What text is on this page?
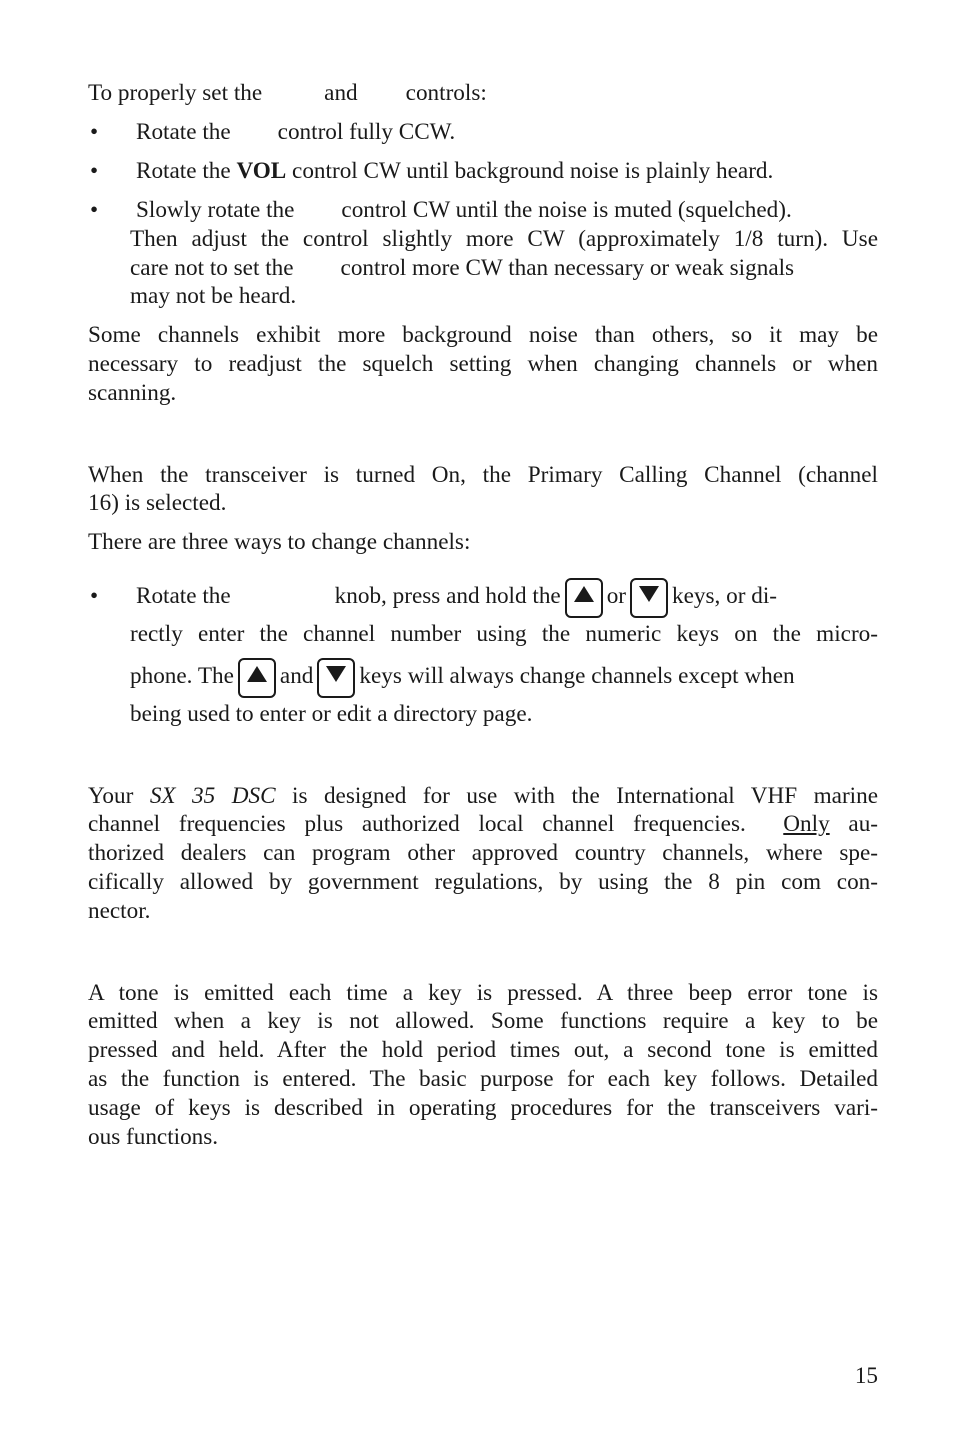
To properly set the	and controls:
• Rotate the control fully CCW.
• Rotate the VOL control CW until background noise is plainly heard.
• Slowly rotate the control CW until the noise is muted (squelched).
Then adjust the control slightly more CW (approximately 1/8 turn). Use
care not to set the control more CW than necessary or weak signals
may not be heard.
Some channels exhibit more background noise than others, so it may be
necessary to readjust the squelch setting when changing channels or when
scanning.
When the transceiver is turned On, the Primary Calling Channel (channel
16) is selected.
There are three ways to change channels:
• Rotate the	knob, press and hold the or keys, or di-
rectly enter the channel number using the numeric keys on the micro-
phone. The and keys will always change channels except when
being used to enter or edit a directory page.
Your SX 35 DSC is designed for use with the International VHF marine
channel frequencies plus authorized local channel frequencies. Only au-
thorized dealers can program other approved country channels, where spe-
cifically allowed by government regulations, by using the 8 pin com con-
nector.
A tone is emitted each time a key is pressed. A three beep error tone is
emitted when a key is not allowed. Some functions require a key to be
pressed and held. After the hold period times out, a second tone is emitted
as the function is entered. The basic purpose for each key follows. Detailed
usage of keys is described in operating procedures for the transceivers vari-
ous functions.
15
